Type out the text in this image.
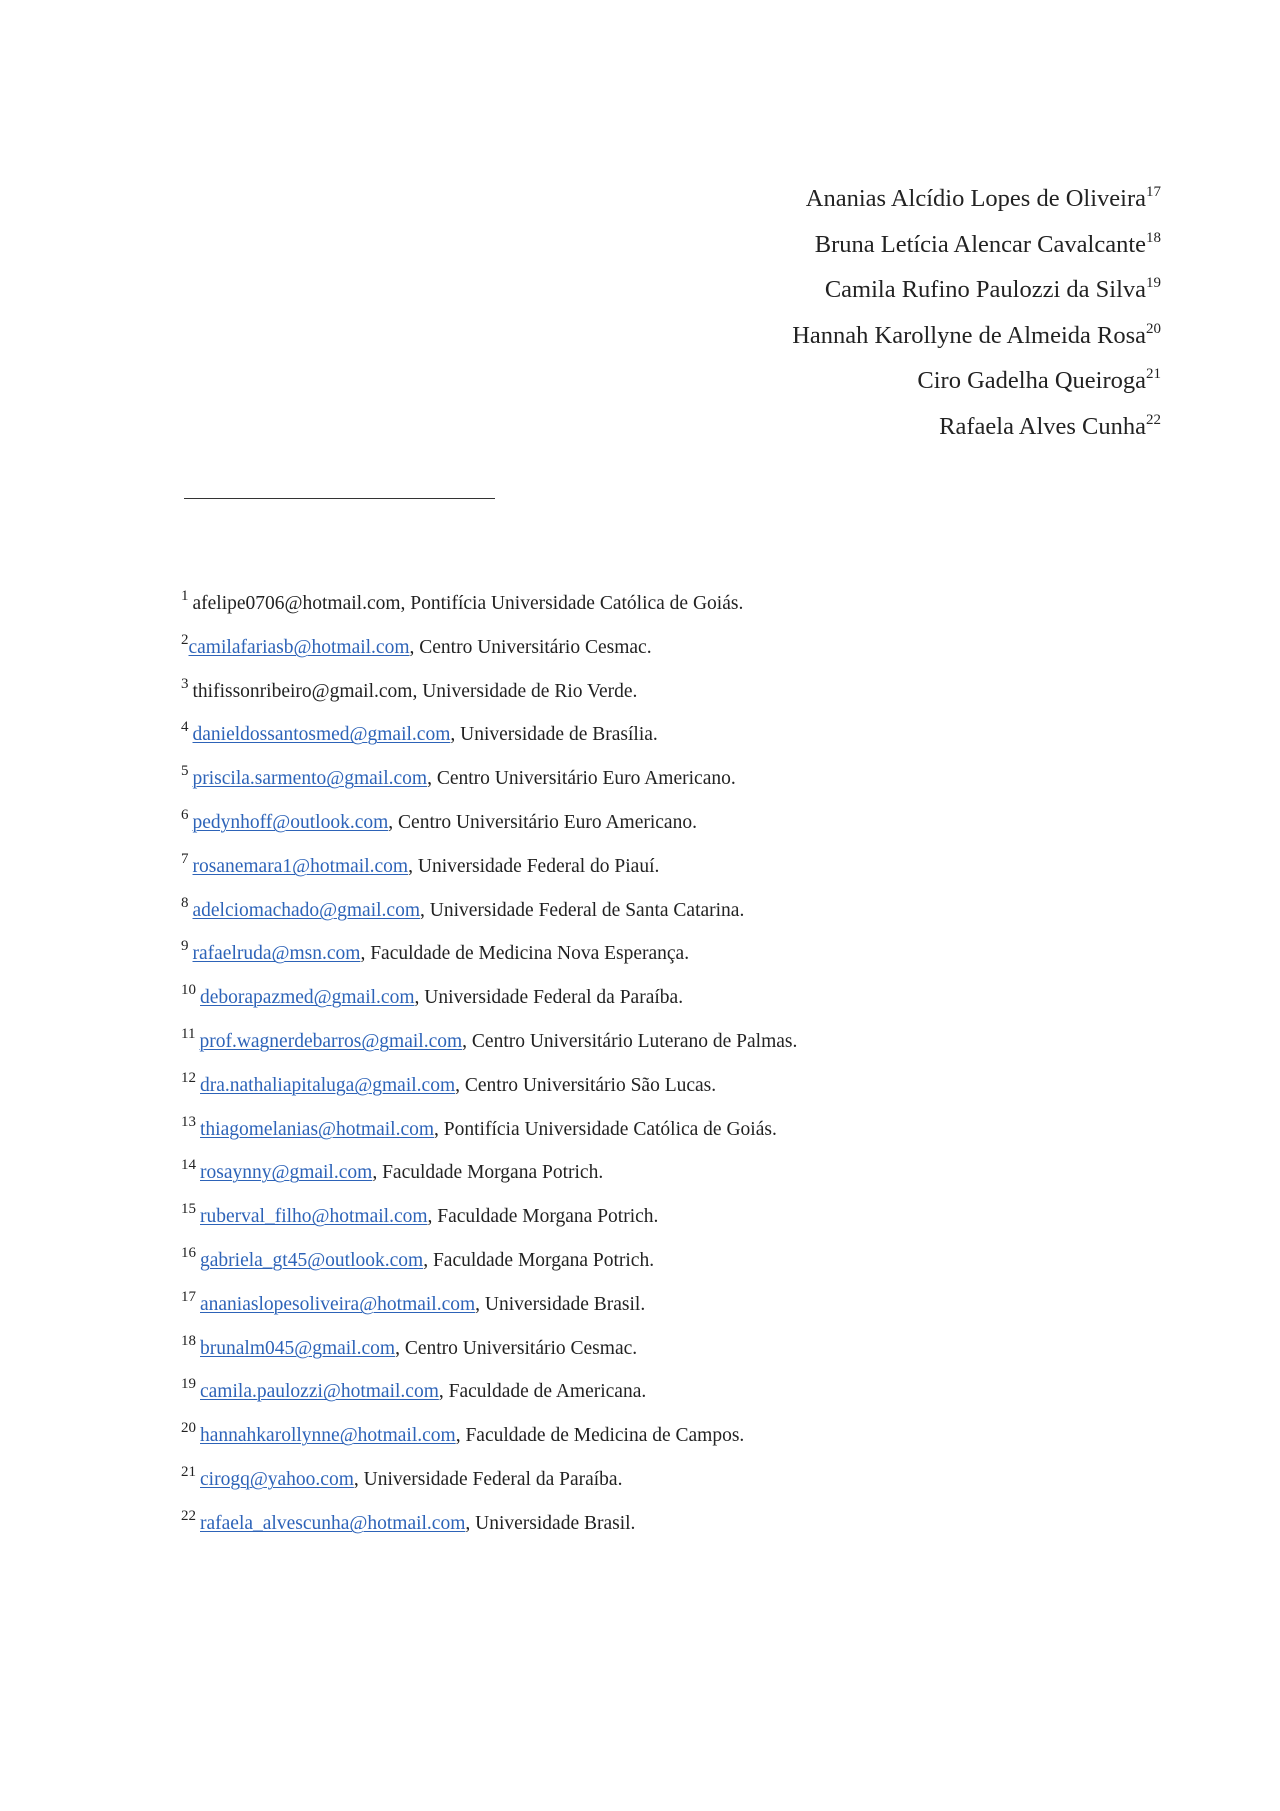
Ananias Alcídio Lopes de Oliveira$^{17}$
Bruna Letícia Alencar Cavalcante$^{18}$
Camila Rufino Paulozzi da Silva$^{19}$
Hannah Karollyne de Almeida Rosa$^{20}$
Ciro Gadelha Queiroga$^{21}$
Rafaela Alves Cunha$^{22}$
$^1$ afelipe0706@hotmail.com, Pontifícia Universidade Católica de Goiás.
$^2$camilafariasb@hotmail.com, Centro Universitário Cesmac.
$^3$ thifissonribeiro@gmail.com, Universidade de Rio Verde.
$^4$ danieldossantosmed@gmail.com, Universidade de Brasília.
$^5$ priscila.sarmento@gmail.com, Centro Universitário Euro Americano.
$^6$ pedynhoff@outlook.com, Centro Universitário Euro Americano.
$^7$ rosanemara1@hotmail.com, Universidade Federal do Piauí.
$^8$ adelciomachado@gmail.com, Universidade Federal de Santa Catarina.
$^9$ rafaelruda@msn.com, Faculdade de Medicina Nova Esperança.
$^{10}$ deborapazmed@gmail.com, Universidade Federal da Paraíba.
$^{11}$ prof.wagnerdebarros@gmail.com, Centro Universitário Luterano de Palmas.
$^{12}$ dra.nathaliapitaluga@gmail.com, Centro Universitário São Lucas.
$^{13}$ thiagomelanias@hotmail.com, Pontifícia Universidade Católica de Goiás.
$^{14}$ rosaynny@gmail.com, Faculdade Morgana Potrich.
$^{15}$ ruberval_filho@hotmail.com, Faculdade Morgana Potrich.
$^{16}$ gabriela_gt45@outlook.com, Faculdade Morgana Potrich.
$^{17}$ ananiaslopesoliveira@hotmail.com, Universidade Brasil.
$^{18}$ brunalm045@gmail.com, Centro Universitário Cesmac.
$^{19}$ camila.paulozzi@hotmail.com, Faculdade de Americana.
$^{20}$ hannahkarollynne@hotmail.com, Faculdade de Medicina de Campos.
$^{21}$ cirogq@yahoo.com, Universidade Federal da Paraíba.
$^{22}$ rafaela_alvescunha@hotmail.com, Universidade Brasil.
